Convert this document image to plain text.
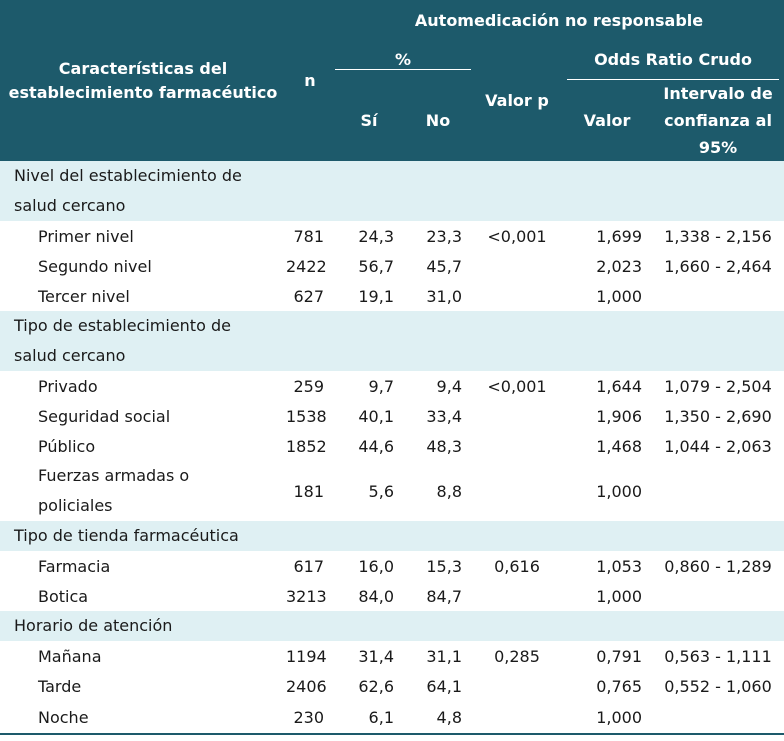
Características del establecimiento farmacéutico	n	Automedicación no responsable				

		%		Valor p	Odds Ratio Crudo	

		Sí	No		Valor	Intervalo de confianza al 95%
Nivel del establecimiento de salud cercano						
Primer nivel	781	24,3	23,3	<0,001	1,699	1,338 - 2,156
Segundo nivel	2422	56,7	45,7		2,023	1,660 - 2,464
Tercer nivel	627	19,1	31,0		1,000	
Tipo de establecimiento de salud cercano						
Privado	259	9,7	9,4	<0,001	1,644	1,079 - 2,504
Seguridad social	1538	40,1	33,4		1,906	1,350 - 2,690
Público	1852	44,6	48,3		1,468	1,044 - 2,063
Fuerzas armadas o policiales	181	5,6	8,8		1,000	
Tipo de tienda farmacéutica						
Farmacia	617	16,0	15,3	0,616	1,053	0,860 - 1,289
Botica	3213	84,0	84,7		1,000	
Horario de atención						
Mañana	1194	31,4	31,1	0,285	0,791	0,563 - 1,111
Tarde	2406	62,6	64,1		0,765	0,552 - 1,060
Noche	230	6,1	4,8		1,000	
